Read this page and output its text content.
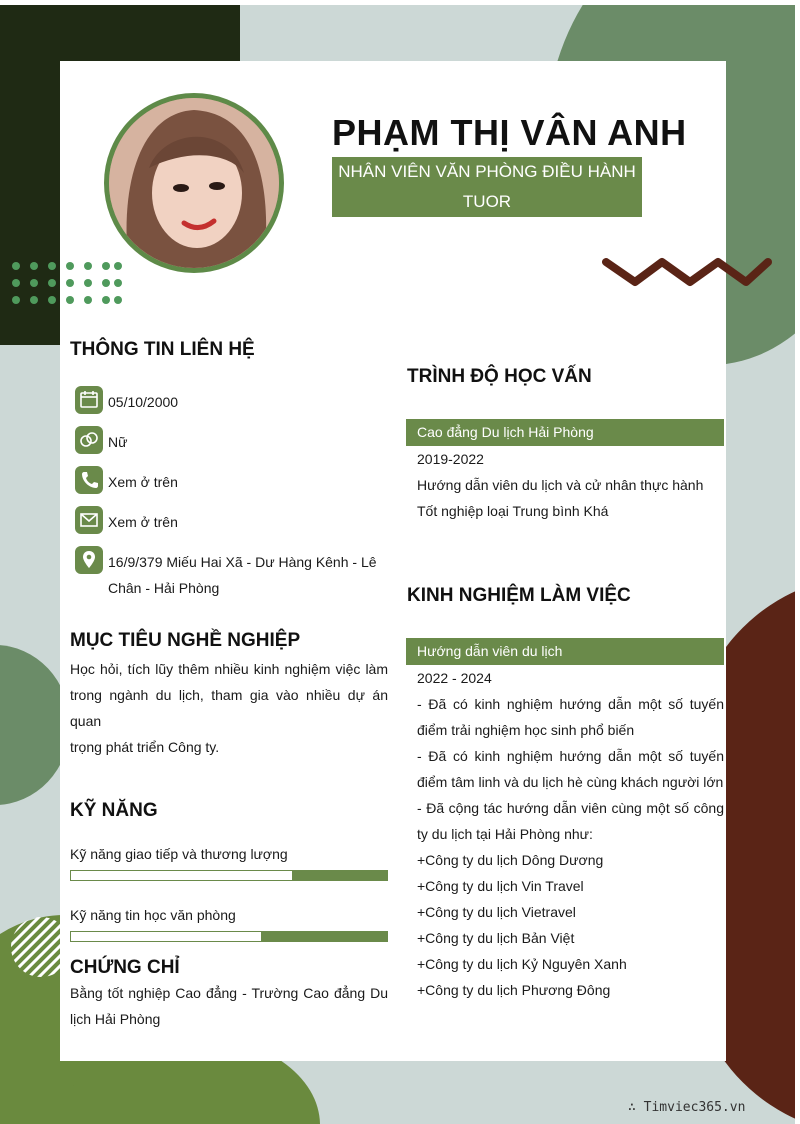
PHẠM THỊ VÂN ANH
NHÂN VIÊN VĂN PHÒNG ĐIỀU HÀNH
TUOR
THÔNG TIN LIÊN HỆ
05/10/2000
Nữ
Xem ở trên
Xem ở trên
16/9/379 Miếu Hai Xã - Dư Hàng Kênh - Lê
Chân - Hải Phòng
MỤC TIÊU NGHỀ NGHIỆP
Học hỏi, tích lũy thêm nhiều kinh nghiệm việc làm
trong ngành du lịch, tham gia vào nhiều dự án quan
trọng phát triển Công ty.
KỸ NĂNG
Kỹ năng giao tiếp và thương lượng
Kỹ năng tin học văn phòng
CHỨNG CHỈ
Bằng tốt nghiệp Cao đẳng - Trường Cao đẳng Du
lịch Hải Phòng
TRÌNH ĐỘ HỌC VẤN
Cao đẳng Du lịch Hải Phòng
2019-2022
Hướng dẫn viên du lịch và cử nhân thực hành
Tốt nghiệp loại Trung bình Khá
KINH NGHIỆM LÀM VIỆC
Hướng dẫn viên du lịch
2022 - 2024
- Đã có kinh nghiệm hướng dẫn một số tuyến
điểm trải nghiệm học sinh phổ biến
- Đã có kinh nghiệm hướng dẫn một số tuyến
điểm tâm linh và du lịch hè cùng khách người lớn
- Đã cộng tác hướng dẫn viên cùng một số công
ty du lịch tại Hải Phòng như:
+Công ty du lịch Dông Dương
+Công ty du lịch Vin Travel
+Công ty du lịch Vietravel
+Công ty du lịch Bản Việt
+Công ty du lịch Kỷ Nguyên Xanh
+Công ty du lịch Phương Đông
∴ Timviec365.vn
